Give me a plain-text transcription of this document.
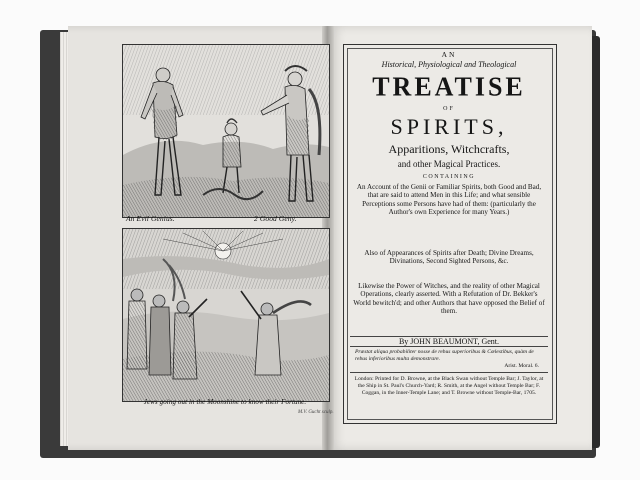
An Evil Genius.	2 Good Geny.
Jews going out in the Moonshine to know their Fortune.
M.V. Gucht sculp.
AN
Historical, Physiological and Theological
TREATISE
OF
SPIRITS,
Apparitions, Witchcrafts,
and other Magical Practices.
CONTAINING
An Account of the Genii or Familiar Spirits, both Good and Bad, that are said to attend Men in this Life; and what sensible Perceptions some Persons have had of them: (particularly the Author's own Experience for many Years.)
Also of Appearances of Spirits after Death; Divine Dreams, Divinations, Second Sighted Persons, &c.
Likewise the Power of Witches, and the reality of other Magical Operations, clearly asserted. With a Refutation of Dr. Bekker's World bewitch'd; and other Authors that have opposed the Belief of them.
By JOHN BEAUMONT, Gent.
Præstat aliqua probabiliter nosse de rebus superioribus & Cœlestibus, quàm de rebus inferioribus multa demonstrare.
Arist. Moral. 6.
London: Printed for D. Browne, at the Black Swan without Temple Bar; J. Taylor, at the Ship in St. Paul's Church-Yard; R. Smith, at the Angel without Temple Bar; F. Coggan, in the Inner-Temple Lane; and T. Browne without Temple-Bar, 1705.
